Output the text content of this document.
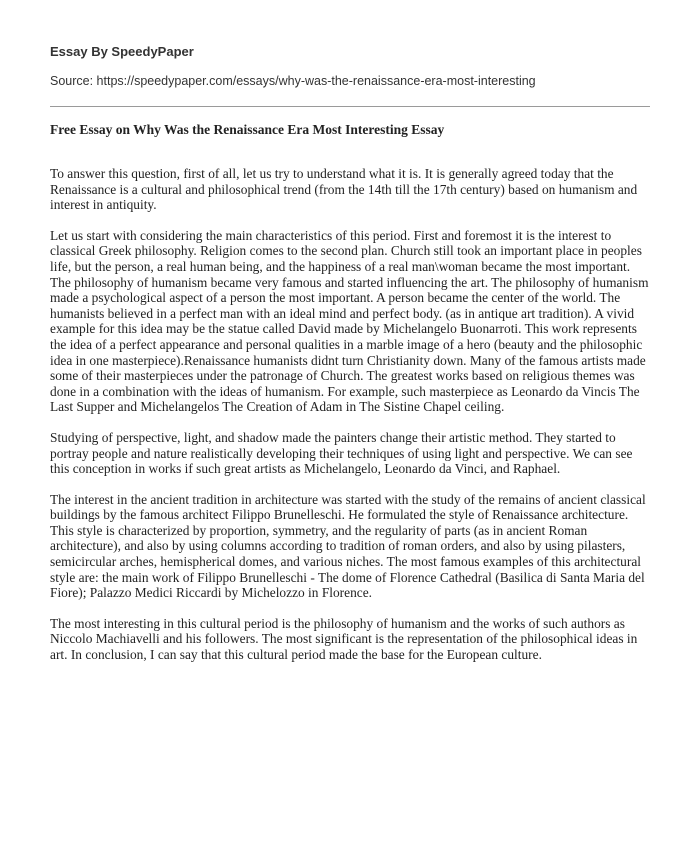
Essay By SpeedyPaper
Source: https://speedypaper.com/essays/why-was-the-renaissance-era-most-interesting
Free Essay on Why Was the Renaissance Era Most Interesting Essay

To answer this question, first of all, let us try to understand what it is. It is generally agreed today that the Renaissance is a cultural and philosophical trend (from the 14th till the 17th century) based on humanism and interest in antiquity.

Let us start with considering the main characteristics of this period. First and foremost it is the interest to classical Greek philosophy. Religion comes to the second plan. Church still took an important place in peoples life, but the person, a real human being, and the happiness of a real man\woman became the most important. The philosophy of humanism became very famous and started influencing the art. The philosophy of humanism made a psychological aspect of a person the most important. A person became the center of the world. The humanists believed in a perfect man with an ideal mind and perfect body. (as in antique art tradition). A vivid example for this idea may be the statue called David made by Michelangelo Buonarroti. This work represents the idea of a perfect appearance and personal qualities in a marble image of a hero (beauty and the philosophic idea in one masterpiece).Renaissance humanists didnt turn Christianity down. Many of the famous artists made some of their masterpieces under the patronage of Church. The greatest works based on religious themes was done in a combination with the ideas of humanism. For example, such masterpiece as Leonardo da Vincis The Last Supper and Michelangelos The Creation of Adam in The Sistine Chapel ceiling.

Studying of perspective, light, and shadow made the painters change their artistic method. They started to portray people and nature realistically developing their techniques of using light and perspective. We can see this conception in works if such great artists as Michelangelo, Leonardo da Vinci, and Raphael.

The interest in the ancient tradition in architecture was started with the study of the remains of ancient classical buildings by the famous architect Filippo Brunelleschi. He formulated the style of Renaissance architecture. This style is characterized by proportion, symmetry, and the regularity of parts (as in ancient Roman architecture), and also by using columns according to tradition of roman orders, and also by using pilasters, semicircular arches, hemispherical domes, and various niches. The most famous examples of this architectural style are: the main work of Filippo Brunelleschi - The dome of Florence Cathedral (Basilica di Santa Maria del Fiore); Palazzo Medici Riccardi by Michelozzo in Florence.

The most interesting in this cultural period is the philosophy of humanism and the works of such authors as Niccolo Machiavelli and his followers. The most significant is the representation of the philosophical ideas in art. In conclusion, I can say that this cultural period made the base for the European culture.
